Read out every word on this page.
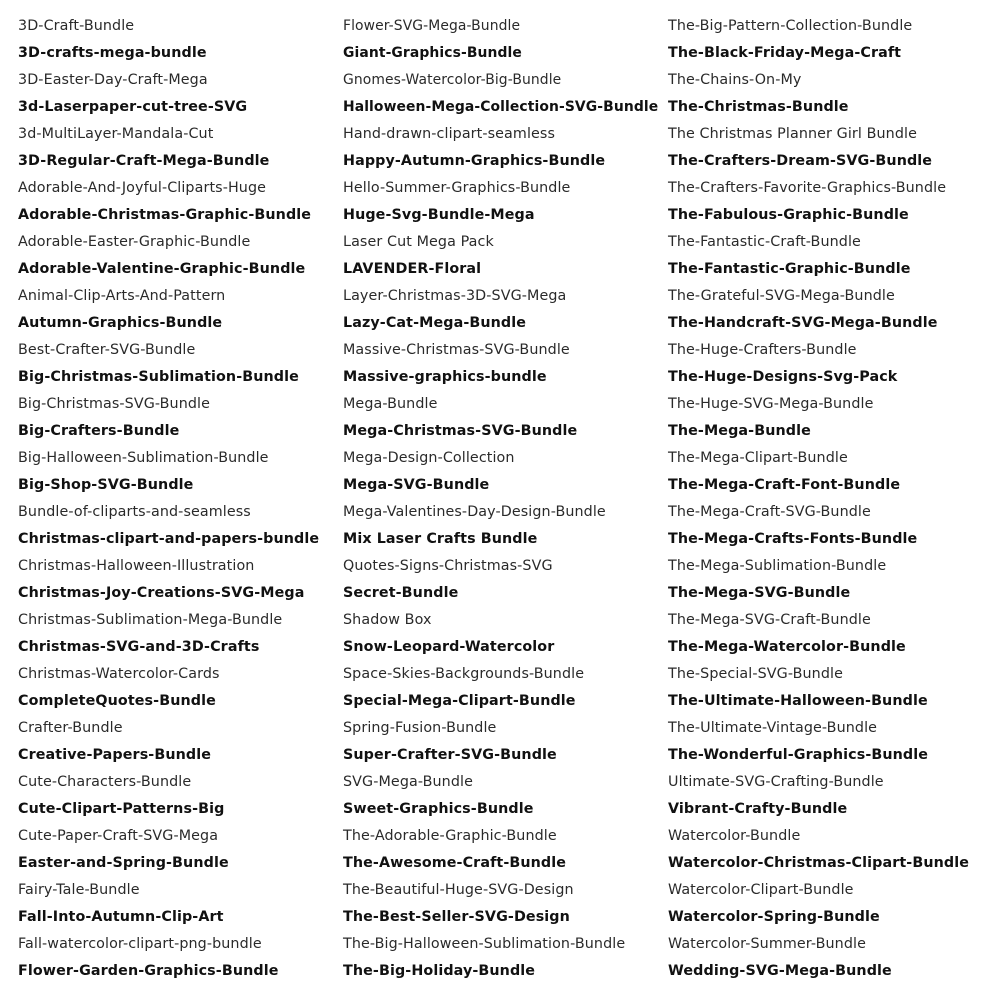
3D-Craft-Bundle
3D-crafts-mega-bundle
3D-Easter-Day-Craft-Mega
3d-Laserpaper-cut-tree-SVG
3d-MultiLayer-Mandala-Cut
3D-Regular-Craft-Mega-Bundle
Adorable-And-Joyful-Cliparts-Huge
Adorable-Christmas-Graphic-Bundle
Adorable-Easter-Graphic-Bundle
Adorable-Valentine-Graphic-Bundle
Animal-Clip-Arts-And-Pattern
Autumn-Graphics-Bundle
Best-Crafter-SVG-Bundle
Big-Christmas-Sublimation-Bundle
Big-Christmas-SVG-Bundle
Big-Crafters-Bundle
Big-Halloween-Sublimation-Bundle
Big-Shop-SVG-Bundle
Bundle-of-cliparts-and-seamless
Christmas-clipart-and-papers-bundle
Christmas-Halloween-Illustration
Christmas-Joy-Creations-SVG-Mega
Christmas-Sublimation-Mega-Bundle
Christmas-SVG-and-3D-Crafts
Christmas-Watercolor-Cards
CompleteQuotes-Bundle
Crafter-Bundle
Creative-Papers-Bundle
Cute-Characters-Bundle
Cute-Clipart-Patterns-Big
Cute-Paper-Craft-SVG-Mega
Easter-and-Spring-Bundle
Fairy-Tale-Bundle
Fall-Into-Autumn-Clip-Art
Fall-watercolor-clipart-png-bundle
Flower-Garden-Graphics-Bundle
Flower-SVG-Mega-Bundle
Giant-Graphics-Bundle
Gnomes-Watercolor-Big-Bundle
Halloween-Mega-Collection-SVG-Bundle
Hand-drawn-clipart-seamless
Happy-Autumn-Graphics-Bundle
Hello-Summer-Graphics-Bundle
Huge-Svg-Bundle-Mega
Laser Cut Mega Pack
LAVENDER-Floral
Layer-Christmas-3D-SVG-Mega
Lazy-Cat-Mega-Bundle
Massive-Christmas-SVG-Bundle
Massive-graphics-bundle
Mega-Bundle
Mega-Christmas-SVG-Bundle
Mega-Design-Collection
Mega-SVG-Bundle
Mega-Valentines-Day-Design-Bundle
Mix Laser Crafts Bundle
Quotes-Signs-Christmas-SVG
Secret-Bundle
Shadow Box
Snow-Leopard-Watercolor
Space-Skies-Backgrounds-Bundle
Special-Mega-Clipart-Bundle
Spring-Fusion-Bundle
Super-Crafter-SVG-Bundle
SVG-Mega-Bundle
Sweet-Graphics-Bundle
The-Adorable-Graphic-Bundle
The-Awesome-Craft-Bundle
The-Beautiful-Huge-SVG-Design
The-Best-Seller-SVG-Design
The-Big-Halloween-Sublimation-Bundle
The-Big-Holiday-Bundle
The-Big-Pattern-Collection-Bundle
The-Black-Friday-Mega-Craft
The-Chains-On-My
The-Christmas-Bundle
The Christmas Planner Girl Bundle
The-Crafters-Dream-SVG-Bundle
The-Crafters-Favorite-Graphics-Bundle
The-Fabulous-Graphic-Bundle
The-Fantastic-Craft-Bundle
The-Fantastic-Graphic-Bundle
The-Grateful-SVG-Mega-Bundle
The-Handcraft-SVG-Mega-Bundle
The-Huge-Crafters-Bundle
The-Huge-Designs-Svg-Pack
The-Huge-SVG-Mega-Bundle
The-Mega-Bundle
The-Mega-Clipart-Bundle
The-Mega-Craft-Font-Bundle
The-Mega-Craft-SVG-Bundle
The-Mega-Crafts-Fonts-Bundle
The-Mega-Sublimation-Bundle
The-Mega-SVG-Bundle
The-Mega-SVG-Craft-Bundle
The-Mega-Watercolor-Bundle
The-Special-SVG-Bundle
The-Ultimate-Halloween-Bundle
The-Ultimate-Vintage-Bundle
The-Wonderful-Graphics-Bundle
Ultimate-SVG-Crafting-Bundle
Vibrant-Crafty-Bundle
Watercolor-Bundle
Watercolor-Christmas-Clipart-Bundle
Watercolor-Clipart-Bundle
Watercolor-Spring-Bundle
Watercolor-Summer-Bundle
Wedding-SVG-Mega-Bundle
